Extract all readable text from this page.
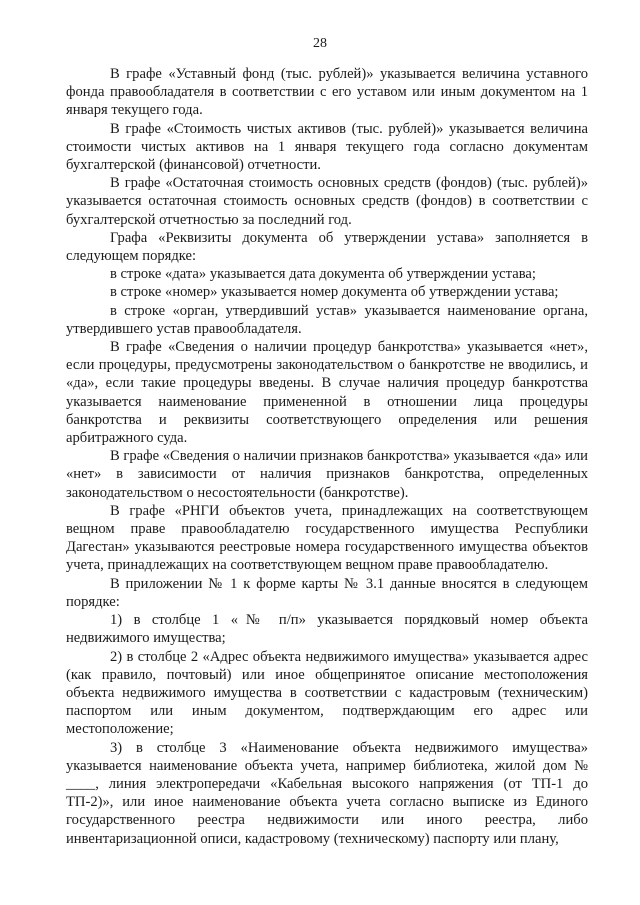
28

В графе «Уставный фонд (тыс. рублей)» указывается величина уставного фонда правообладателя в соответствии с его уставом или иным документом на 1 января текущего года.

В графе «Стоимость чистых активов (тыс. рублей)» указывается величина стоимости чистых активов на 1 января текущего года согласно документам бухгалтерской (финансовой) отчетности.

В графе «Остаточная стоимость основных средств (фондов) (тыс. рублей)» указывается остаточная стоимость основных средств (фондов) в соответствии с бухгалтерской отчетностью за последний год.

Графа «Реквизиты документа об утверждении устава» заполняется в следующем порядке:

в строке «дата» указывается дата документа об утверждении устава;

в строке «номер» указывается номер документа об утверждении устава;

в строке «орган, утвердивший устав» указывается наименование органа, утвердившего устав правообладателя.

В графе «Сведения о наличии процедур банкротства» указывается «нет», если процедуры, предусмотрены законодательством о банкротстве не вводились, и «да», если такие процедуры введены. В случае наличия процедур банкротства указывается наименование примененной в отношении лица процедуры банкротства и реквизиты соответствующего определения или решения арбитражного суда.

В графе «Сведения о наличии признаков банкротства» указывается «да» или «нет» в зависимости от наличия признаков банкротства, определенных законодательством о несостоятельности (банкротстве).

В графе «РНГИ объектов учета, принадлежащих на соответствующем вещном праве правообладателю государственного имущества Республики Дагестан» указываются реестровые номера государственного имущества объектов учета, принадлежащих на соответствующем вещном праве правообладателю.

В приложении № 1 к форме карты № 3.1 данные вносятся в следующем порядке:

1) в столбце 1 «№ п/п» указывается порядковый номер объекта недвижимого имущества;

2) в столбце 2 «Адрес объекта недвижимого имущества» указывается адрес (как правило, почтовый) или иное общепринятое описание местоположения объекта недвижимого имущества в соответствии с кадастровым (техническим) паспортом или иным документом, подтверждающим его адрес или местоположение;

3) в столбце 3 «Наименование объекта недвижимого имущества» указывается наименование объекта учета, например библиотека, жилой дом № ____, линия электропередачи «Кабельная высокого напряжения (от ТП-1 до ТП-2)», или иное наименование объекта учета согласно выписке из Единого государственного реестра недвижимости или иного реестра, либо инвентаризационной описи, кадастровому (техническому) паспорту или плану,
